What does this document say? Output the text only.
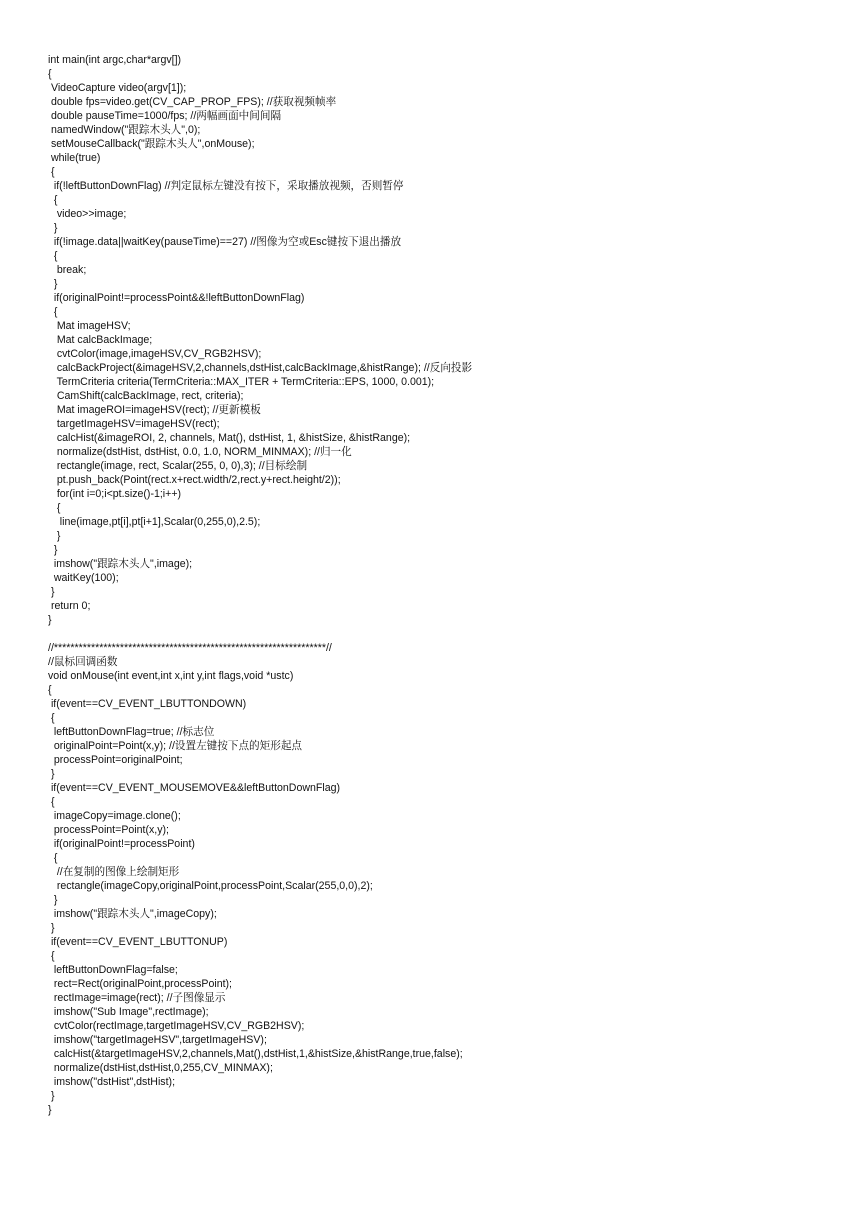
int main(int argc,char*argv[])
{
VideoCapture video(argv[1]);
double fps=video.get(CV_CAP_PROP_FPS); //获取视频帧率
double pauseTime=1000/fps; //两幅画面中间间隔
namedWindow("跟踪木头人",0);
setMouseCallback("跟踪木头人",onMouse);
while(true)
{
if(!leftButtonDownFlag) //判定鼠标左键没有按下，采取播放视频，否则暂停
{
video>>image;
}
if(!image.data||waitKey(pauseTime)==27) //图像为空或Esc键按下退出播放
{
break;
}
if(originalPoint!=processPoint&&!leftButtonDownFlag)
{
Mat imageHSV;
Mat calcBackImage;
cvtColor(image,imageHSV,CV_RGB2HSV);
calcBackProject(&imageHSV,2,channels,dstHist,calcBackImage,&histRange); //反向投影
TermCriteria criteria(TermCriteria::MAX_ITER + TermCriteria::EPS, 1000, 0.001);
CamShift(calcBackImage, rect, criteria);
Mat imageROI=imageHSV(rect); //更新模板
targetImageHSV=imageHSV(rect);
calcHist(&imageROI, 2, channels, Mat(), dstHist, 1, &histSize, &histRange);
normalize(dstHist, dstHist, 0.0, 1.0, NORM_MINMAX); //归一化
rectangle(image, rect, Scalar(255, 0, 0),3); //目标绘制
pt.push_back(Point(rect.x+rect.width/2,rect.y+rect.height/2));
for(int i=0;i<pt.size()-1;i++)
{
line(image,pt[i],pt[i+1],Scalar(0,255,0),2.5);
}
}
imshow("跟踪木头人",image);
waitKey(100);
}
return 0;
}
//******************************************************************//
//鼠标回调函数
void onMouse(int event,int x,int y,int flags,void *ustc)
{
if(event==CV_EVENT_LBUTTONDOWN)
{
leftButtonDownFlag=true; //标志位
originalPoint=Point(x,y); //设置左键按下点的矩形起点
processPoint=originalPoint;
}
if(event==CV_EVENT_MOUSEMOVE&&leftButtonDownFlag)
{
imageCopy=image.clone();
processPoint=Point(x,y);
if(originalPoint!=processPoint)
{
//在复制的图像上绘制矩形
rectangle(imageCopy,originalPoint,processPoint,Scalar(255,0,0),2);
}
imshow("跟踪木头人",imageCopy);
}
if(event==CV_EVENT_LBUTTONUP)
{
leftButtonDownFlag=false;
rect=Rect(originalPoint,processPoint);
rectImage=image(rect); //子图像显示
imshow("Sub Image",rectImage);
cvtColor(rectImage,targetImageHSV,CV_RGB2HSV);
imshow("targetImageHSV",targetImageHSV);
calcHist(&targetImageHSV,2,channels,Mat(),dstHist,1,&histSize,&histRange,true,false);
normalize(dstHist,dstHist,0,255,CV_MINMAX);
imshow("dstHist",dstHist);
}
}
